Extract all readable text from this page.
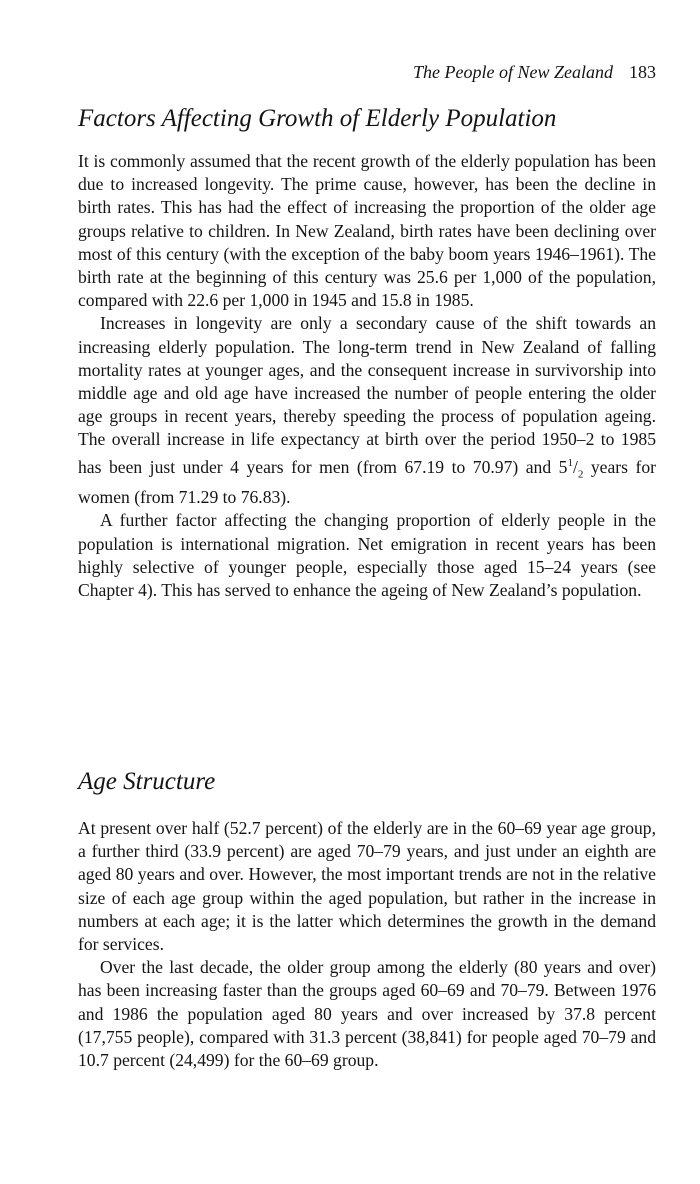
The People of New Zealand 183
Factors Affecting Growth of Elderly Population

It is commonly assumed that the recent growth of the elderly population has been due to increased longevity. The prime cause, however, has been the decline in birth rates. This has had the effect of increasing the proportion of the older age groups relative to children. In New Zealand, birth rates have been declining over most of this century (with the exception of the baby boom years 1946–1961). The birth rate at the beginning of this century was 25.6 per 1,000 of the population, compared with 22.6 per 1,000 in 1945 and 15.8 in 1985.

Increases in longevity are only a secondary cause of the shift towards an increasing elderly population. The long-term trend in New Zealand of falling mortality rates at younger ages, and the consequent increase in survivorship into middle age and old age have increased the number of people entering the older age groups in recent years, thereby speeding the process of population ageing. The overall increase in life expectancy at birth over the period 1950–2 to 1985 has been just under 4 years for men (from 67.19 to 70.97) and $5^1/_2$ years for women (from 71.29 to 76.83).

A further factor affecting the changing proportion of elderly people in the population is international migration. Net emigration in recent years has been highly selective of younger people, especially those aged 15–24 years (see Chapter 4). This has served to enhance the ageing of New Zealand’s population.

Age Structure

At present over half (52.7 percent) of the elderly are in the 60–69 year age group, a further third (33.9 percent) are aged 70–79 years, and just under an eighth are aged 80 years and over. However, the most important trends are not in the relative size of each age group within the aged population, but rather in the increase in numbers at each age; it is the latter which determines the growth in the demand for services.

Over the last decade, the older group among the elderly (80 years and over) has been increasing faster than the groups aged 60–69 and 70–79. Between 1976 and 1986 the population aged 80 years and over increased by 37.8 percent (17,755 people), compared with 31.3 percent (38,841) for people aged 70–79 and 10.7 percent (24,499) for the 60–69 group.
